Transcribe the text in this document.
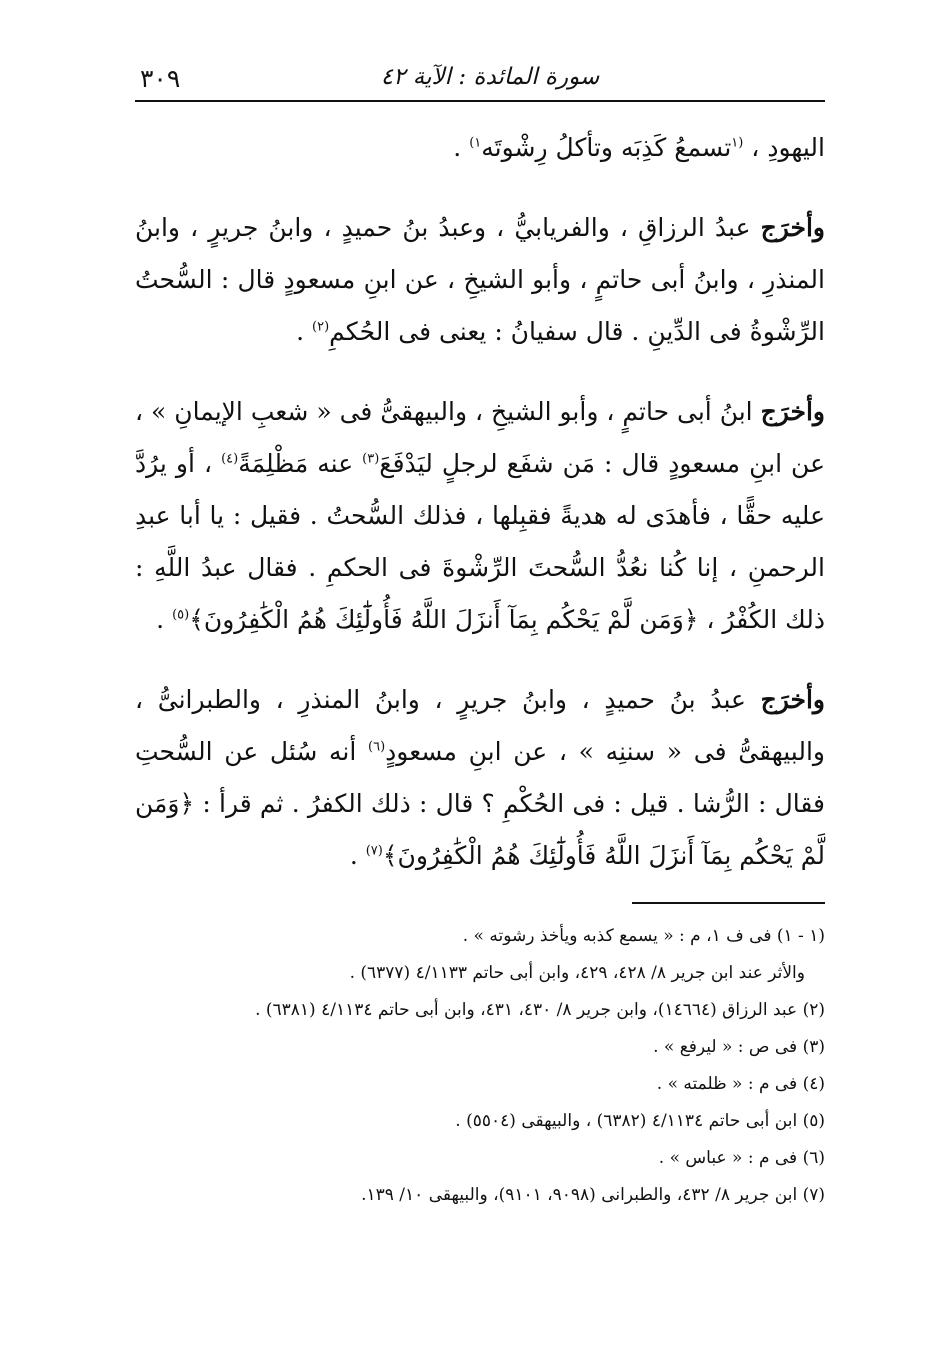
٣٠٩	سورة المائدة : الآية ٤٢

اليهودِ ، $^{(١}$تسمعُ كَذِبَه وتأكلُ رِشْوتَه$^{١)}$ .

وأخرَج عبدُ الرزاقِ ، والفريابيُّ ، وعبدُ بنُ حميدٍ ، وابنُ جريرٍ ، وابنُ المنذرِ ، وابنُ أبى حاتمٍ ، وأبو الشيخِ ، عن ابنِ مسعودٍ قال : السُّحتُ الرِّشْوةُ فى الدِّينِ . قال سفيانُ : يعنى فى الحُكمِ$^{(٢)}$ .

وأخرَج ابنُ أبى حاتمٍ ، وأبو الشيخِ ، والبيهقىُّ فى « شعبِ الإيمانِ » ، عن ابنِ مسعودٍ قال : مَن شفَع لرجلٍ ليَدْفَعَ$^{(٣)}$ عنه مَظْلِمَةً$^{(٤)}$ ، أو يرُدَّ عليه حقًّا ، فأهدَى له هديةً فقبِلها ، فذلك السُّحتُ . فقيل : يا أبا عبدِ الرحمنِ ، إنا كُنا نعُدُّ السُّحتَ الرِّشْوةَ فى الحكمِ . فقال عبدُ اللَّهِ : ذلك الكُفْرُ ، ﴿وَمَن لَّمْ يَحْكُم بِمَآ أَنزَلَ اللَّهُ فَأُولَٰٓئِكَ هُمُ الْكَٰفِرُونَ﴾$^{(٥)}$ .

وأخرَج عبدُ بنُ حميدٍ ، وابنُ جريرٍ ، وابنُ المنذرِ ، والطبرانىُّ ، والبيهقىُّ فى « سننِه » ، عن ابنِ مسعودٍ$^{(٦)}$ أنه سُئل عن السُّحتِ فقال : الرُّشا . قيل : فى الحُكْمِ ؟ قال : ذلك الكفرُ . ثم قرأ : ﴿وَمَن لَّمْ يَحْكُم بِمَآ أَنزَلَ اللَّهُ فَأُولَٰٓئِكَ هُمُ الْكَٰفِرُونَ﴾$^{(٧)}$ .

(١ - ١) فى ف ١، م : « يسمع كذبه ويأخذ رشوته » .

والأثر عند ابن جرير ٨/ ٤٢٨، ٤٢٩، وابن أبى حاتم ٤/١١٣٣ (٦٣٧٧) .

(٢) عبد الرزاق (١٤٦٦٤)، وابن جرير ٨/ ٤٣٠، ٤٣١، وابن أبى حاتم ٤/١١٣٤ (٦٣٨١) .

(٣) فى ص : « ليرفع » .

(٤) فى م : « ظلمته » .

(٥) ابن أبى حاتم ٤/١١٣٤ (٦٣٨٢) ، والبيهقى (٥٥٠٤) .

(٦) فى م : « عباس » .

(٧) ابن جرير ٨/ ٤٣٢، والطبرانى (٩٠٩٨، ٩١٠١)، والبيهقى ١٠/ ١٣٩.
